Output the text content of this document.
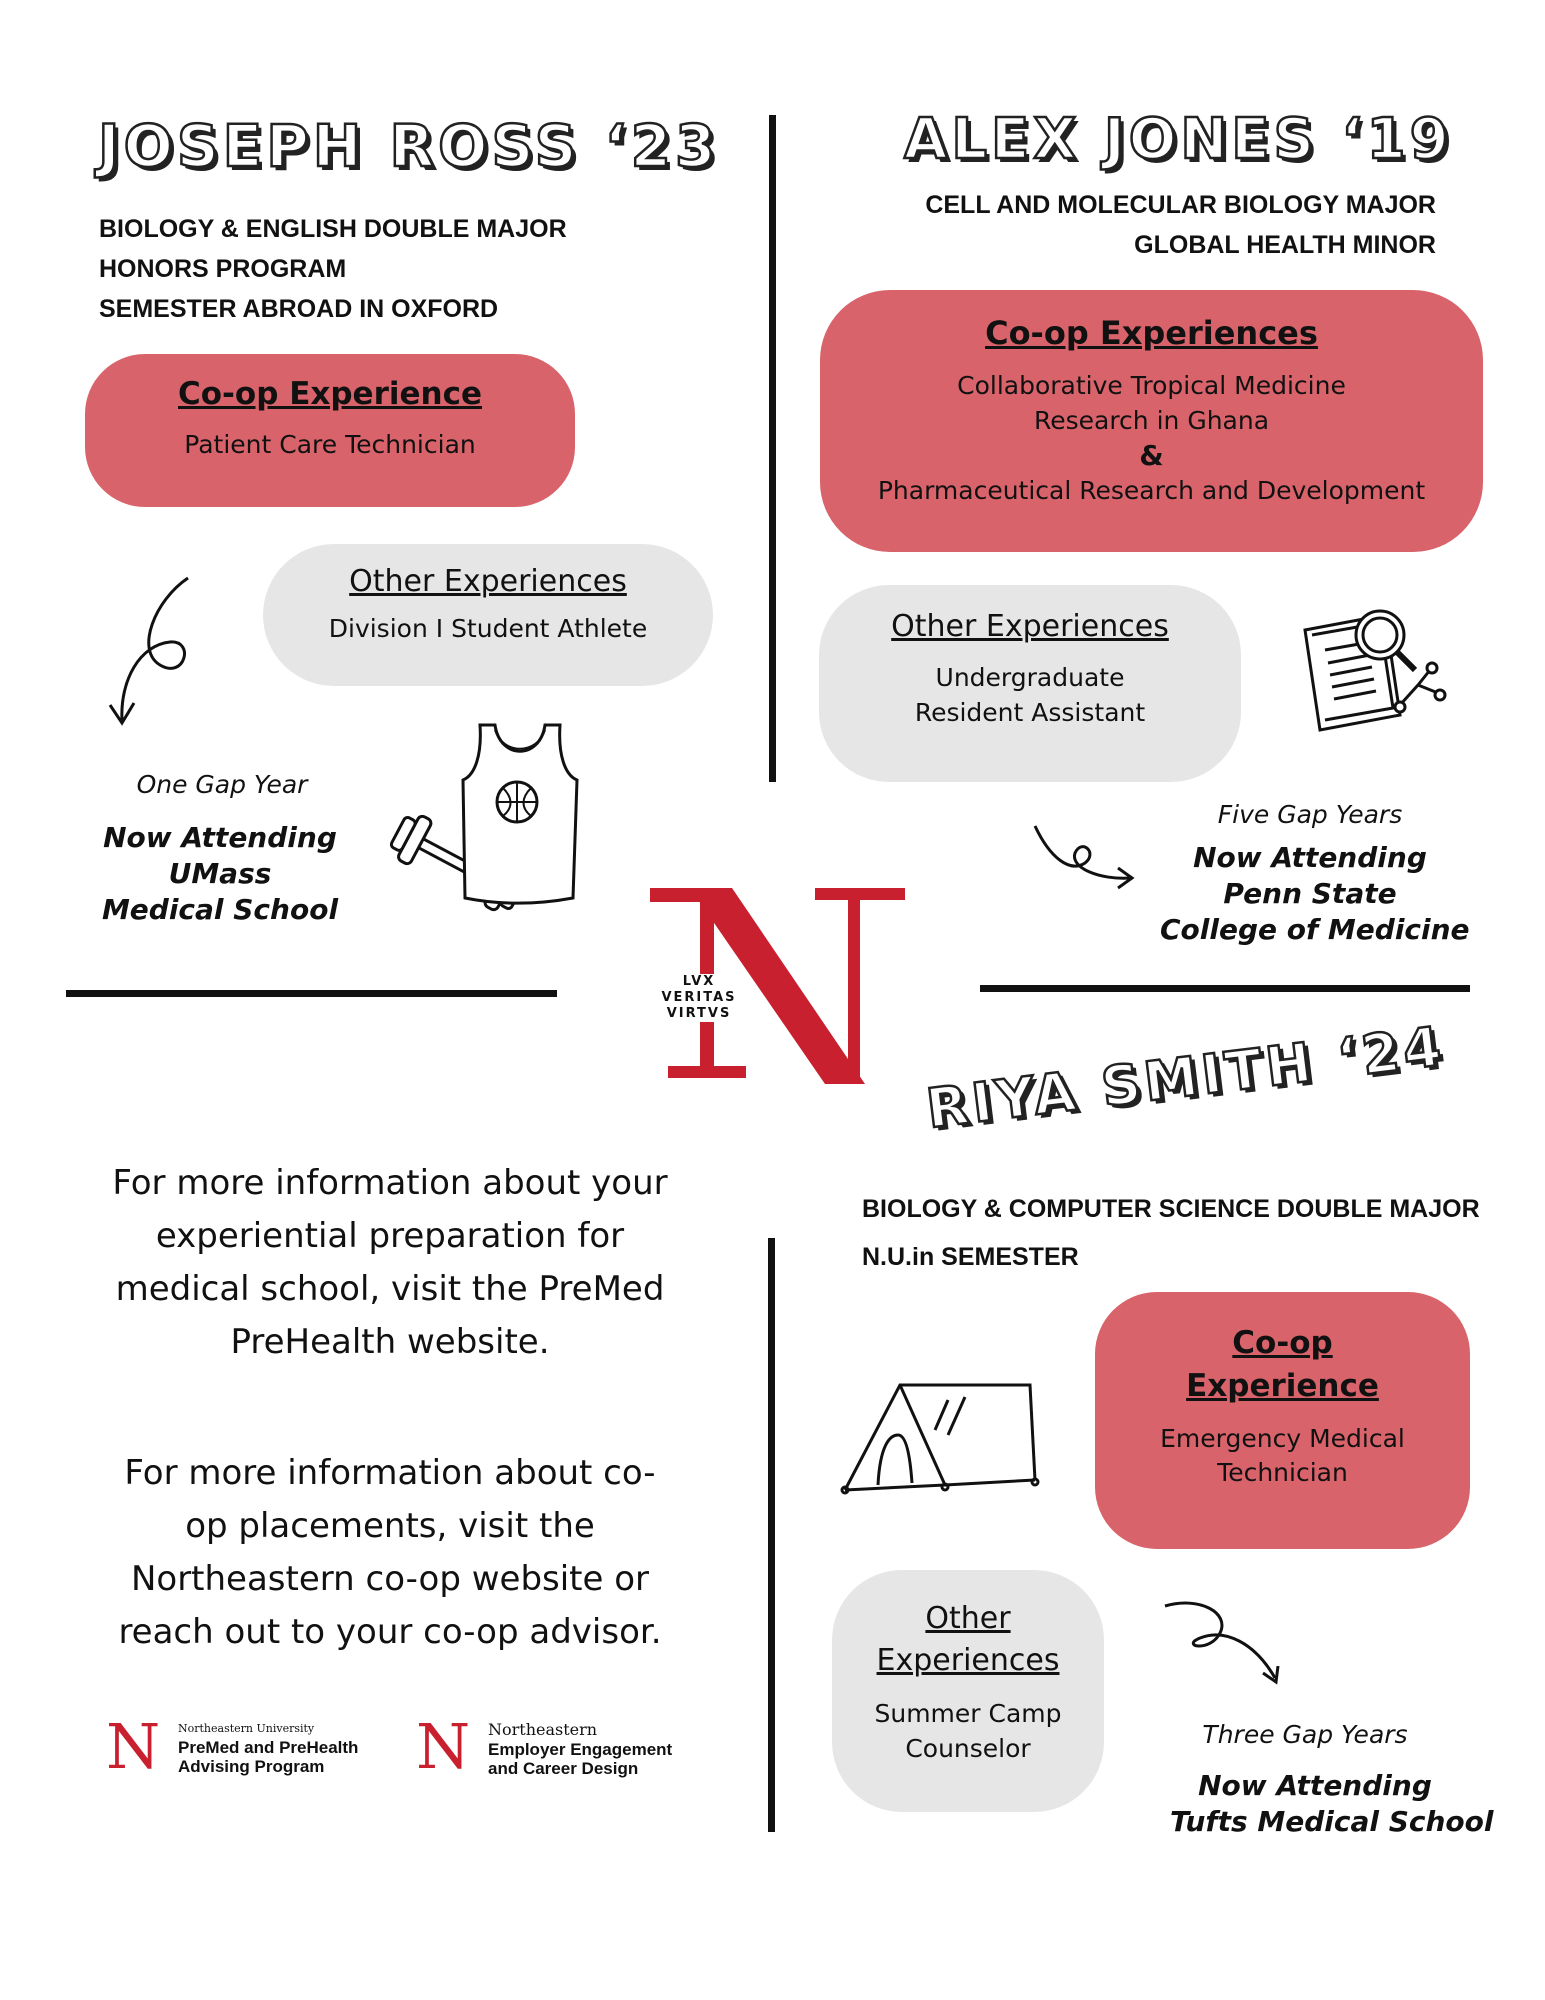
JOSEPH ROSS ‘23
BIOLOGY & ENGLISH DOUBLE MAJOR
HONORS PROGRAM
SEMESTER ABROAD IN OXFORD
Co-op Experience
Patient Care Technician
Other Experiences
Division I Student Athlete
One Gap Year
Now Attending
UMass
Medical School
ALEX JONES ‘19
CELL AND MOLECULAR BIOLOGY MAJOR
GLOBAL HEALTH MINOR
Co-op Experiences
Collaborative Tropical Medicine
Research in Ghana
&
Pharmaceutical Research and Development
Other Experiences
Undergraduate
Resident Assistant
Five Gap Years
Now Attending
Penn State
College of Medicine
LVX
VERITAS
VIRTVS
RIYA SMITH ‘24
BIOLOGY & COMPUTER SCIENCE DOUBLE MAJOR
N.U.in SEMESTER
Co-op
Experience
Emergency Medical
Technician
Other
Experiences
Summer Camp
Counselor	Three Gap Years
Now Attending
Tufts Medical School
For more information about your
experiential preparation for
medical school, visit the PreMed
PreHealth website.
For more information about co-
op placements, visit the
Northeastern co-op website or
reach out to your co-op advisor.
N Northeastern University
PreMed and PreHealth
Advising Program	N Northeastern
Employer Engagement
and Career Design
